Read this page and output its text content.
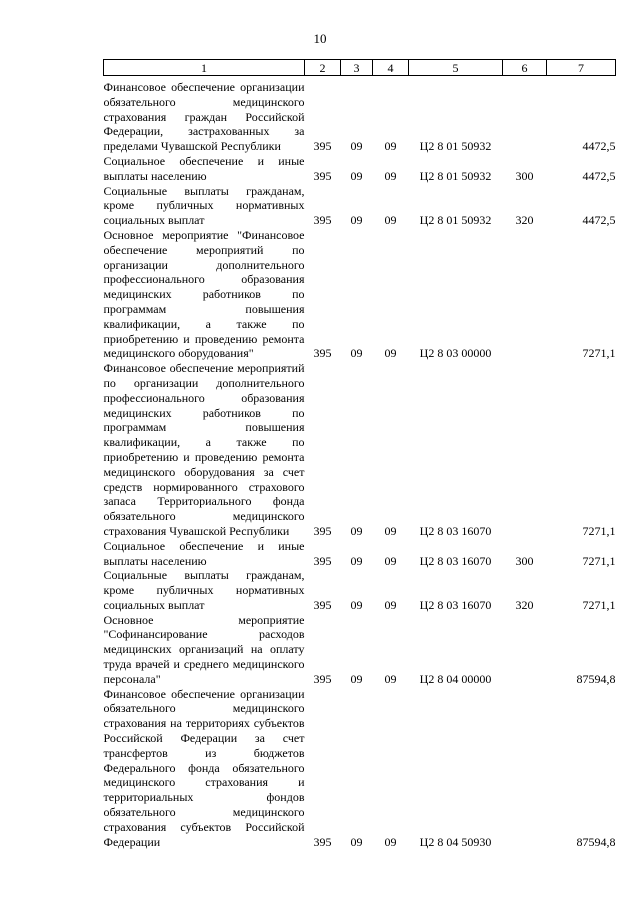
10
1	2	3	4	5	6	7

Финансовое обеспечение организации обязательного медицинского страхования граждан Российской Федерации, застрахованных за пределами Чувашской Республики	395	09	09	Ц2 8 01 50932		4472,5
Социальное обеспечение и иные выплаты населению	395	09	09	Ц2 8 01 50932	300	4472,5
Социальные выплаты гражданам, кроме публичных нормативных социальных выплат	395	09	09	Ц2 8 01 50932	320	4472,5
Основное мероприятие "Финансовое обеспечение мероприятий по организации дополнительного профессионального образования медицинских работников по программам повышения квалификации, а также по приобретению и проведению ремонта медицинского оборудования"	395	09	09	Ц2 8 03 00000		7271,1
Финансовое обеспечение мероприятий по организации дополнительного профессионального образования медицинских работников по программам повышения квалификации, а также по приобретению и проведению ремонта медицинского оборудования за счет средств нормированного страхового запаса Территориального фонда обязательного медицинского страхования Чувашской Республики	395	09	09	Ц2 8 03 16070		7271,1
Социальное обеспечение и иные выплаты населению	395	09	09	Ц2 8 03 16070	300	7271,1
Социальные выплаты гражданам, кроме публичных нормативных социальных выплат	395	09	09	Ц2 8 03 16070	320	7271,1
Основное мероприятие "Софинансирование расходов медицинских организаций на оплату труда врачей и среднего медицинского персонала"	395	09	09	Ц2 8 04 00000		87594,8
Финансовое обеспечение организации обязательного медицинского страхования на территориях субъектов Российской Федерации за счет трансфертов из бюджетов Федерального фонда обязательного медицинского страхования и территориальных фондов обязательного медицинского страхования субъектов Российской Федерации	395	09	09	Ц2 8 04 50930		87594,8
